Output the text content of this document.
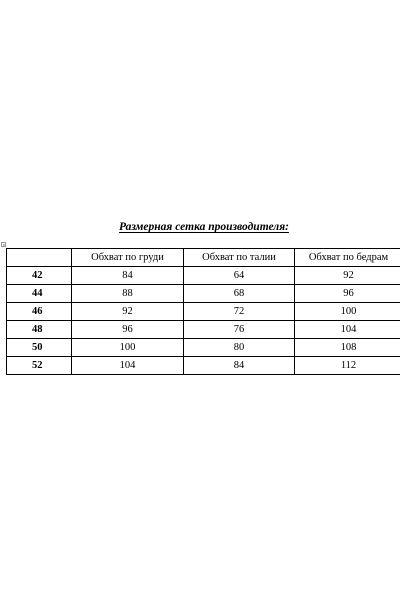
Размерная сетка производителя:
	Обхват по груди	Обхват по талии	Обхват по бедрам
42	84	64	92
44	88	68	96
46	92	72	100
48	96	76	104
50	100	80	108
52	104	84	112
